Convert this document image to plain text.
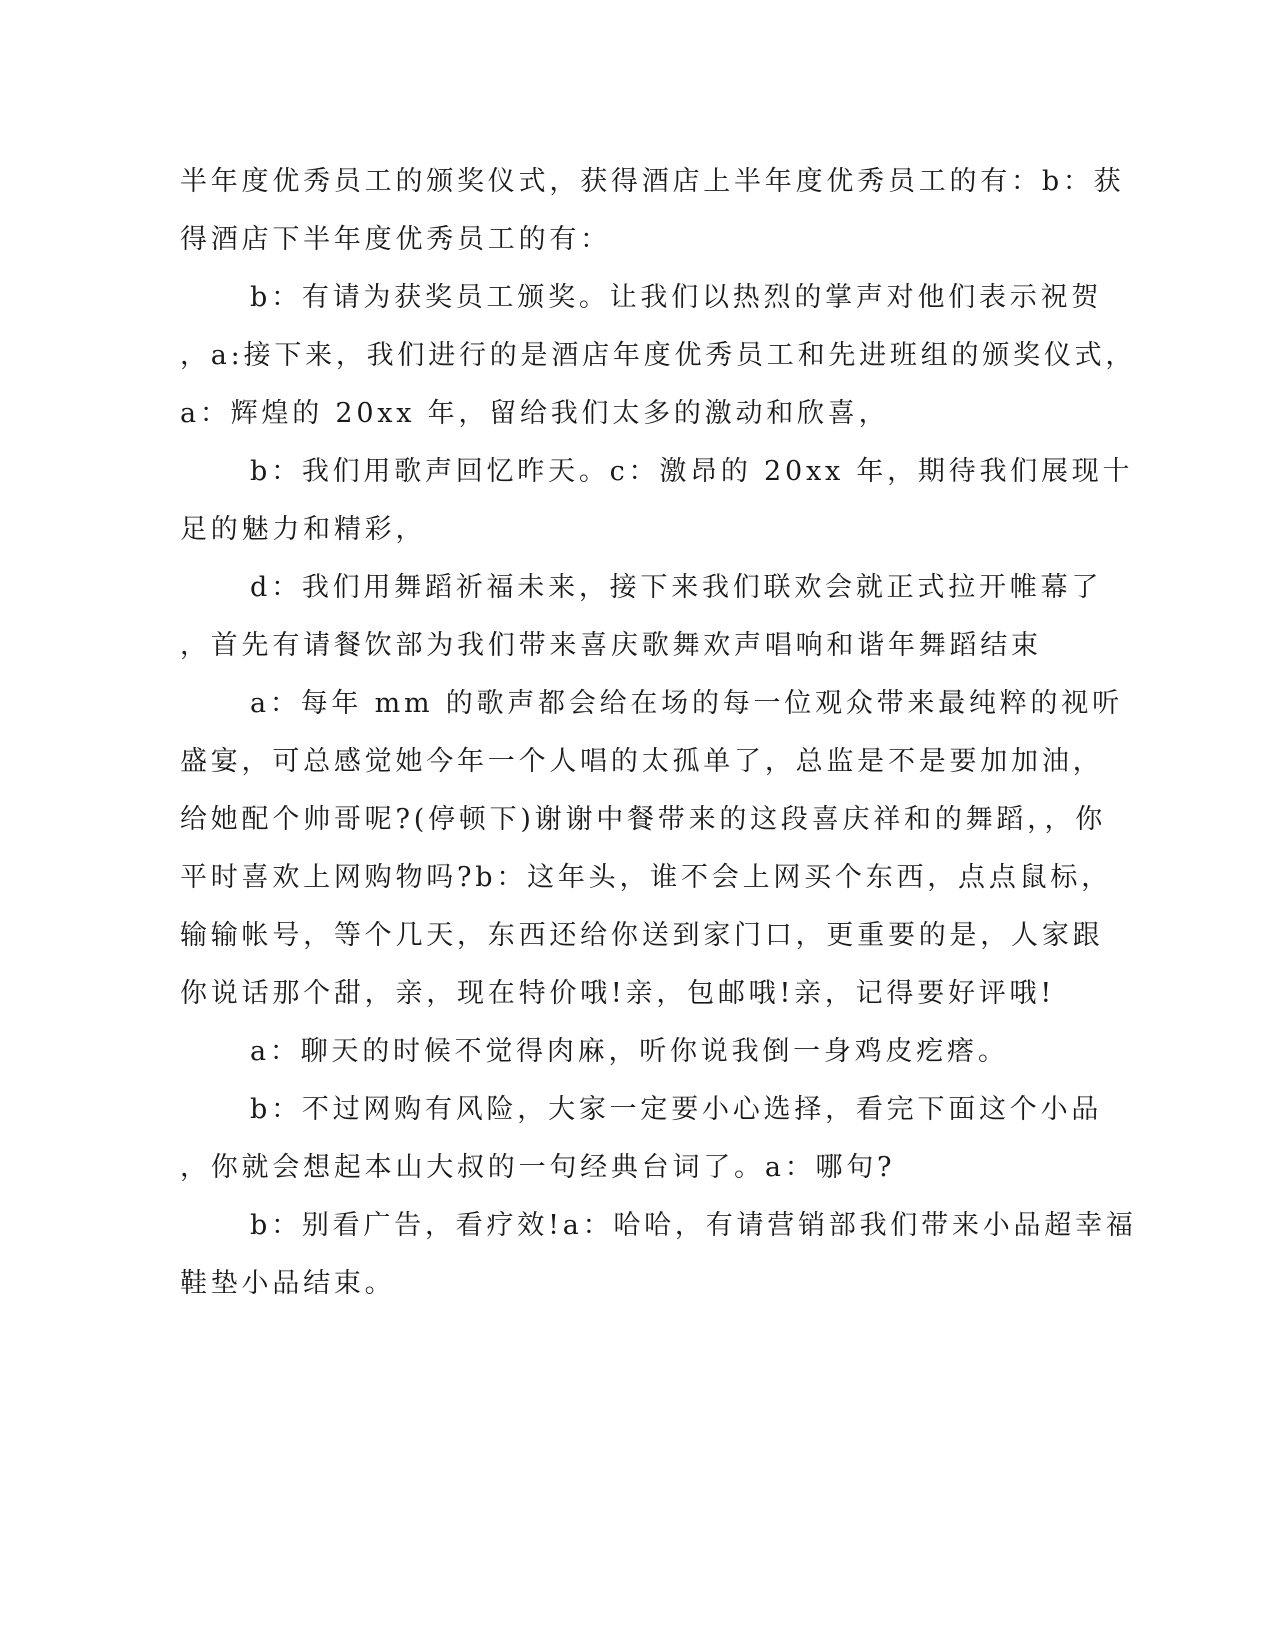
半年度优秀员工的颁奖仪式，获得酒店上半年度优秀员工的有：b：获
得酒店下半年度优秀员工的有：
b：有请为获奖员工颁奖。让我们以热烈的掌声对他们表示祝贺
，a:接下来，我们进行的是酒店年度优秀员工和先进班组的颁奖仪式，
a：辉煌的 20xx 年，留给我们太多的激动和欣喜，
b：我们用歌声回忆昨天。c：激昂的 20xx 年，期待我们展现十
足的魅力和精彩，
d：我们用舞蹈祈福未来，接下来我们联欢会就正式拉开帷幕了
，首先有请餐饮部为我们带来喜庆歌舞欢声唱响和谐年舞蹈结束
a：每年 mm 的歌声都会给在场的每一位观众带来最纯粹的视听
盛宴，可总感觉她今年一个人唱的太孤单了，总监是不是要加加油，
给她配个帅哥呢?(停顿下)谢谢中餐带来的这段喜庆祥和的舞蹈，，你
平时喜欢上网购物吗?b：这年头，谁不会上网买个东西，点点鼠标，
输输帐号，等个几天，东西还给你送到家门口，更重要的是，人家跟
你说话那个甜，亲，现在特价哦!亲，包邮哦!亲，记得要好评哦!
a：聊天的时候不觉得肉麻，听你说我倒一身鸡皮疙瘩。
b：不过网购有风险，大家一定要小心选择，看完下面这个小品
，你就会想起本山大叔的一句经典台词了。a：哪句?
b：别看广告，看疗效!a：哈哈，有请营销部我们带来小品超幸福
鞋垫小品结束。
